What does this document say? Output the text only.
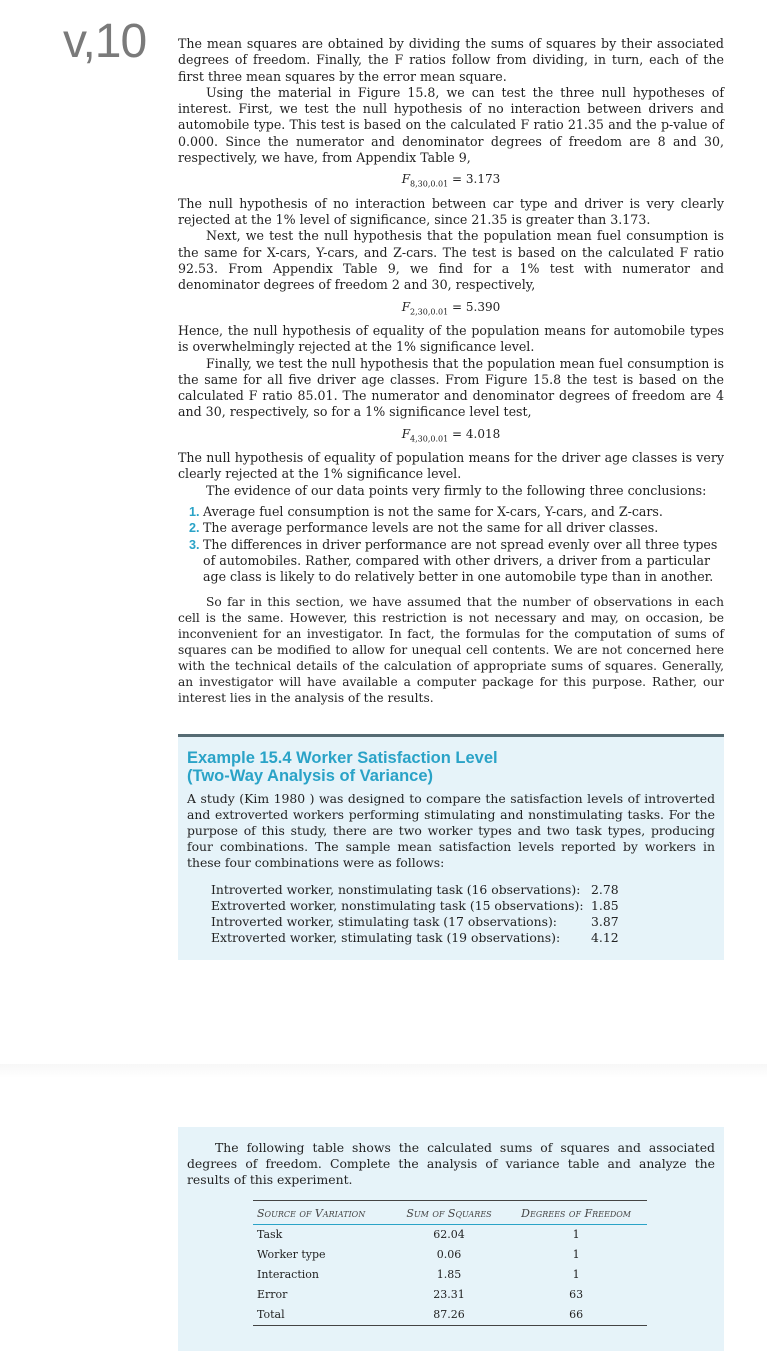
v,10	The mean squares are obtained by dividing the sums of squares by their associated degrees of freedom. Finally, the F ratios follow from dividing, in turn, each of the first three mean squares by the error mean square.

Using the material in Figure 15.8, we can test the three null hypotheses of interest. First, we test the null hypothesis of no interaction between drivers and automobile type. This test is based on the calculated F ratio 21.35 and the p-value of 0.000. Since the numerator and denominator degrees of freedom are 8 and 30, respectively, we have, from Appendix Table 9,

$F_{8,30,0.01} = 3.173$

The null hypothesis of no interaction between car type and driver is very clearly rejected at the 1% level of significance, since 21.35 is greater than 3.173.

Next, we test the null hypothesis that the population mean fuel consumption is the same for X-cars, Y-cars, and Z-cars. The test is based on the calculated F ratio 92.53. From Appendix Table 9, we find for a 1% test with numerator and denominator degrees of freedom 2 and 30, respectively,

$F_{2,30,0.01} = 5.390$

Hence, the null hypothesis of equality of the population means for automobile types is overwhelmingly rejected at the 1% significance level.

Finally, we test the null hypothesis that the population mean fuel consumption is the same for all five driver age classes. From Figure 15.8 the test is based on the calculated F ratio 85.01. The numerator and denominator degrees of freedom are 4 and 30, respectively, so for a 1% significance level test,

$F_{4,30,0.01} = 4.018$

The null hypothesis of equality of population means for the driver age classes is very clearly rejected at the 1% significance level.

The evidence of our data points very firmly to the following three conclusions:

1. Average fuel consumption is not the same for X-cars, Y-cars, and Z-cars.
2. The average performance levels are not the same for all driver classes.
3. The differences in driver performance are not spread evenly over all three types of automobiles. Rather, compared with other drivers, a driver from a particular age class is likely to do relatively better in one automobile type than in another.

So far in this section, we have assumed that the number of observations in each cell is the same. However, this restriction is not necessary and may, on occasion, be inconvenient for an investigator. In fact, the formulas for the computation of sums of squares can be modified to allow for unequal cell contents. We are not concerned here with the technical details of the calculation of appropriate sums of squares. Generally, an investigator will have available a computer package for this purpose. Rather, our interest lies in the analysis of the results.

Example 15.4 Worker Satisfaction Level
(Two-Way Analysis of Variance)

A study (Kim 1980 ) was designed to compare the satisfaction levels of introverted and extroverted workers performing stimulating and nonstimulating tasks. For the purpose of this study, there are two worker types and two task types, producing four combinations. The sample mean satisfaction levels reported by workers in these four combinations were as follows:

Introverted worker, nonstimulating task (16 observations): 2.78
Extroverted worker, nonstimulating task (15 observations): 1.85
Introverted worker, stimulating task (17 observations):	3.87
Extroverted worker, stimulating task (19 observations):	4.12

The following table shows the calculated sums of squares and associated degrees of freedom. Complete the analysis of variance table and analyze the results of this experiment.

Source of Variation	Sum of Squares	Degrees of Freedom
Task	62.04	1
Worker type	0.06	1
Interaction	1.85	1
Error	23.31	63
Total	87.26	66
